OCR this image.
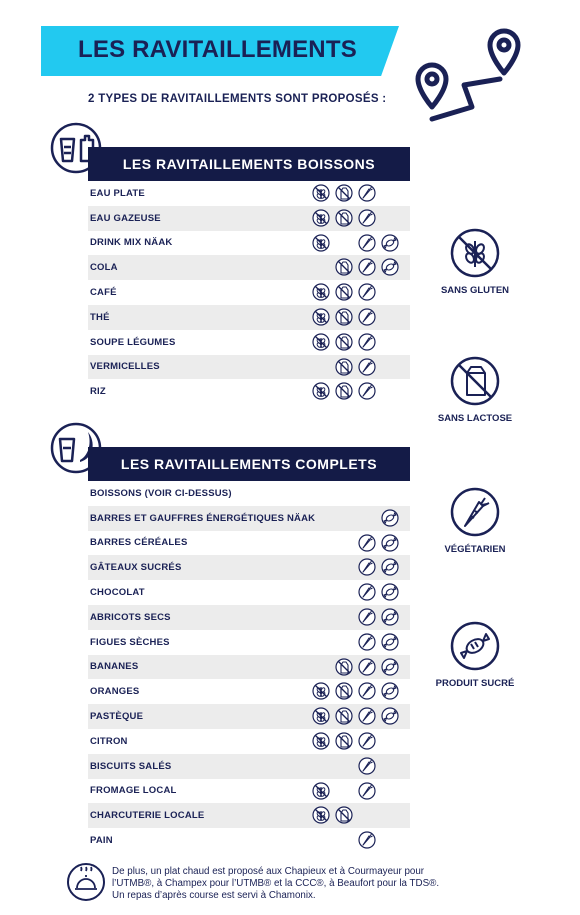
LES RAVITAILLEMENTS
2 TYPES DE RAVITAILLEMENTS SONT PROPOSÉS :
LES RAVITAILLEMENTS BOISSONS
EAU PLATE
EAU GAZEUSE
DRINK MIX NÄAK
COLA
CAFÉ
THÉ
SOUPE LÉGUMES
VERMICELLES
RIZ
LES RAVITAILLEMENTS COMPLETS
BOISSONS (VOIR CI-DESSUS)
BARRES ET GAUFFRES ÉNERGÉTIQUES NÄAK
BARRES CÉRÉALES
GÂTEAUX SUCRÉS
CHOCOLAT
ABRICOTS SECS
FIGUES SÈCHES
BANANES
ORANGES
PASTÈQUE
CITRON
BISCUITS SALÉS
FROMAGE LOCAL
CHARCUTERIE LOCALE
PAIN
SANS GLUTEN
SANS LACTOSE
VÉGÉTARIEN
PRODUIT SUCRÉ
De plus, un plat chaud est proposé aux Chapieux et à Courmayeur pour
l’UTMB®, à Champex pour l’UTMB® et la CCC®, à Beaufort pour la TDS®.
Un repas d’après course est servi à Chamonix.
